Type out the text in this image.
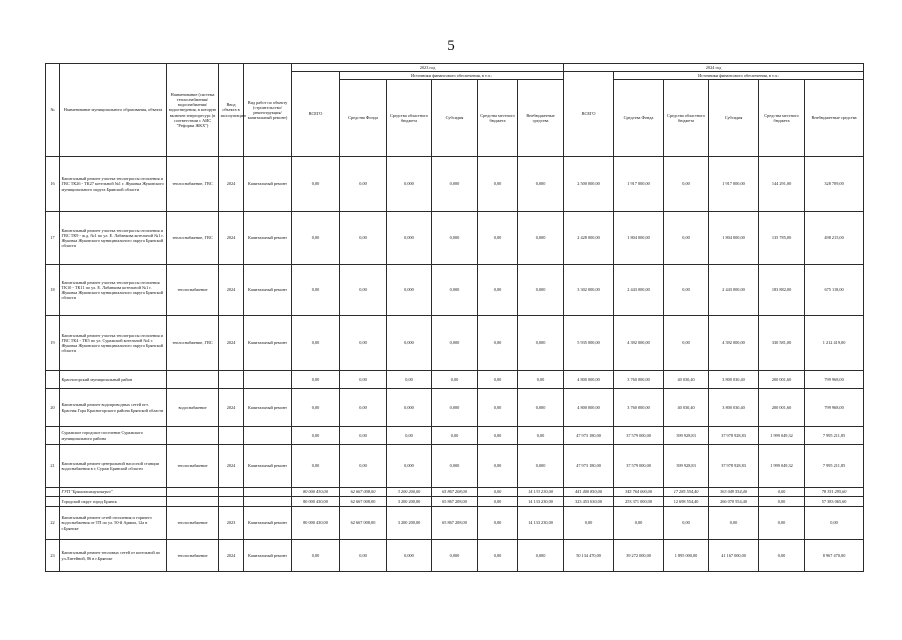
5
№	Наименование муниципального образования, объекта	Наименование (система теплоснабжения/водоснабжения/водоотведения, в которую включен энергоресурс (в соответствии с АИС "Реформа ЖКХ")	Ввод объекта в эксплуатацию	Вид работ по объекту (строительство/реконструкция/капитальный ремонт)	2023 год						2024 год					
					ВСЕГО	Источники финансового обеспечения, в т.ч.:					ВСЕГО	Источники финансового обеспечения, в т.ч.:				
						Средства Фонда	Средства областного бюджета	Субсидия	Средства местного бюджета	Внебюджетные средства		Средства Фонда	Средства областного бюджета	Субсидия	Средства местного бюджета	Внебюджетные средства
16	Капитальный ремонт участка теплотрассы отопления и ГВС ТК26 - ТК27 котельной №1 г. Жуковка Жуковского муниципального округа Брянской области	теплоснабжение, ГВС	2024	Капитальный ремонт	0,00	0,00	0,000	0,000	0,00	0,000	2 500 000,00	1 917 000,00	0,00	1 917 000,00	144 291,00	328 709,00
17	Капитальный ремонт участка теплотрассы отопления и ГВС ТК9 - ж.д. №1 по ул. Е. Лабанкова котельной №1 г. Жуковка Жуковского муниципального округа Брянской области	теплоснабжение, ГВС	2024	Капитальный ремонт	0,00	0,00	0,000	0,000	0,00	0,000	2 428 000,00	1 804 000,00	0,00	1 804 000,00	135 785,00	498 215,00
18	Капитальный ремонт участка теплотрассы отопления ТК10 - ТК11 по ул. Е. Лабанкова котельной №1 г. Жуковка Жуковского муниципального округа Брянской области	теплоснабжение	2024	Капитальный ремонт	0,00	0,00	0,000	0,000	0,00	0,000	3 302 000,00	2 443 000,00	0,00	2 443 000,00	183 882,00	675 118,00
19	Капитальный ремонт участка теплотрассы отопления и ГВС ТК4 - ТК5 по ул. Суражской котельной №4 г. Жуковка Жуковского муниципального округа Брянской области	теплоснабжение, ГВС	2024	Капитальный ремонт	0,00	0,00	0,000	0,000	0,00	0,000	5 935 000,00	4 392 000,00	0,00	4 392 000,00	330 581,00	1 212 419,00
	Красногорский муниципальный район				0,00	0,00	0,00	0,00	0,00	0,00	4 800 000,00	3 760 000,00	40 030,40	3 800 030,40	200 001,60	799 968,00
20	Капитальный ремонт водопроводных сетей пгт. Красная Гора Красногорского района Брянской области	водоснабжение	2024	Капитальный ремонт	0,00	0,00	0,000	0,000	0,00	0,000	4 800 000,00	3 760 000,00	40 030,40	3 800 030,40	200 001,60	799 968,00
	Суражское городское поселение Суражского муниципального района				0,00	0,00	0,00	0,00	0,00	0,00	47 973 180,00	37 579 000,00	399 928,83	37 978 928,83	1 999 049,32	7 995 211,85
21	Капитальный ремонт центральной насосной станции водоснабжения в г. Сураж Брянской области	теплоснабжение	2024	Капитальный ремонт	0,00	0,00	0,000	0,000	0,00	0,000	47 973 180,00	37 579 000,00	399 928,83	37 978 928,83	1 999 049,32	7 995 211,85
	ГУП "Брянсккоммунэнерго"				80 000 430,00	62 667 008,00	3 200 200,00	65 867 208,00	0,00	14 133 230,00	441 400 850,00	345 764 000,00	17 285 554,40	363 049 554,40	0,00	78 351 295,60
	Городской округ город Брянск				80 000 430,00	62 667 008,00	3 200 200,00	65 867 208,00	0,00	14 133 230,00	323 453 630,00	253 371 000,00	12 698 554,40	266 070 554,40	0,00	57 383 065,60
22	Капитальный ремонт сетей отопления и горячего водоснабжения от ТП по ул. 50-й Армии, 12а в г.Брянске	теплоснабжение	2023	Капитальный ремонт	80 000 430,00	62 667 008,00	3 200 200,00	65 867 208,00	0,00	14 133 230,00	0,00	0,00	0,00	0,00	0,00	0,00
23	Капитальный ремонт тепловых сетей от котельной по ул.Литейной, 86 в г.Брянске	теплоснабжение	2024	Капитальный ремонт	0,00	0,00	0,000	0,000	0,00	0,000	50 134 470,00	39 272 000,00	1 895 000,00	41 167 000,00	0,00	8 967 470,00
